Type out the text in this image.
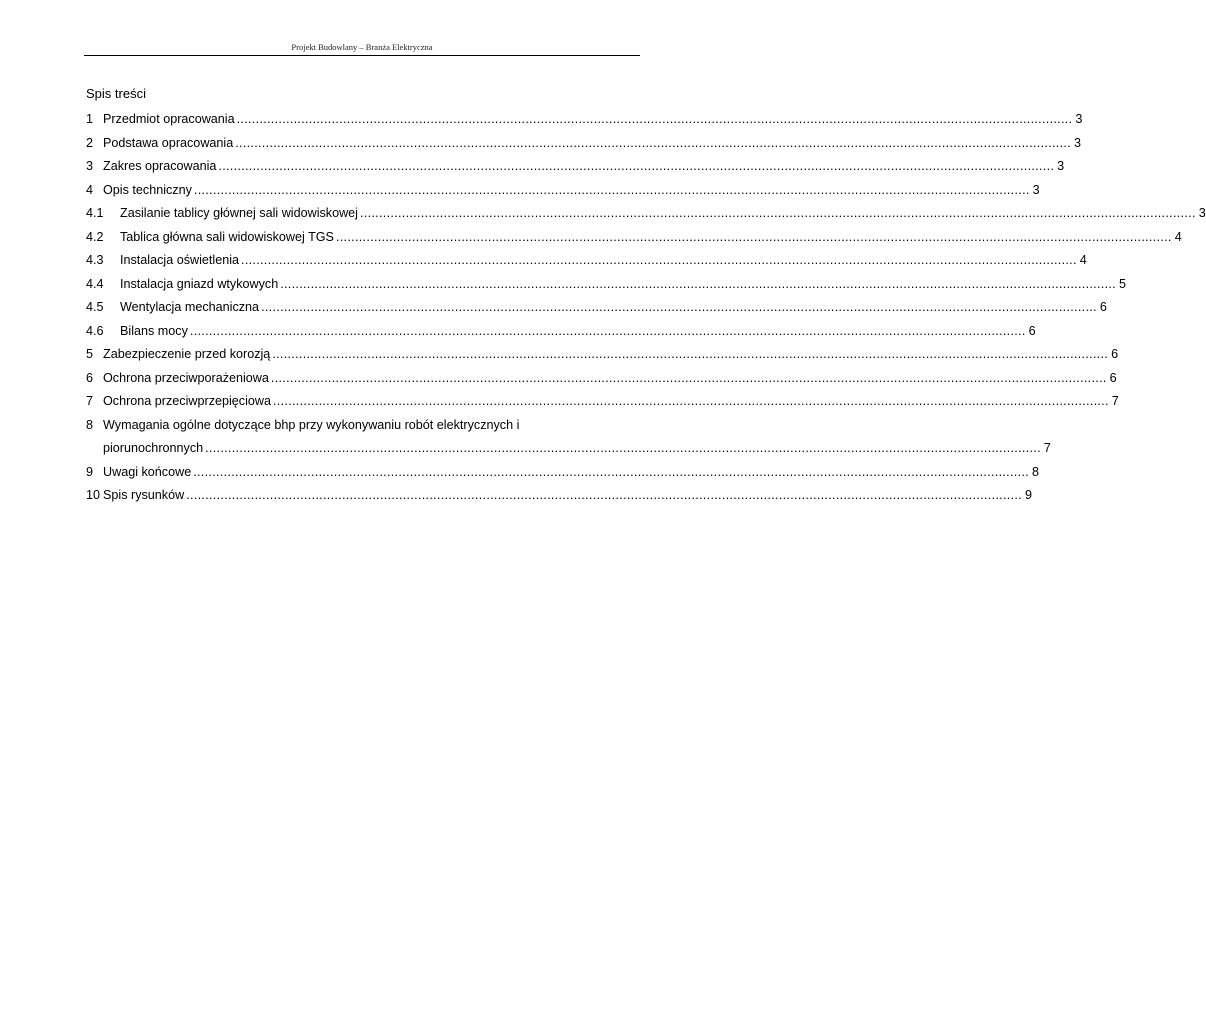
Projekt Budowlany – Branża Elektryczna
Spis treści
1 Przedmiot opracowania ............................................................................................................................................................................................................................ 3
2 Podstawa opracowania ............................................................................................................................................................................................................................ 3
3 Zakres opracowania ............................................................................................................................................................................................................................ 3
4 Opis techniczny ............................................................................................................................................................................................................................ 3
4.1	Zasilanie tablicy głównej sali widowiskowej ............................................................................................................................................................................................................................ 3
4.2	Tablica główna sali widowiskowej TGS ............................................................................................................................................................................................................................ 4
4.3	Instalacja oświetlenia ............................................................................................................................................................................................................................ 4
4.4	Instalacja gniazd wtykowych ............................................................................................................................................................................................................................ 5
4.5	Wentylacja mechaniczna ............................................................................................................................................................................................................................ 6
4.6	Bilans mocy ............................................................................................................................................................................................................................ 6
5 Zabezpieczenie przed korozją ............................................................................................................................................................................................................................ 6
6 Ochrona przeciwporażeniowa ............................................................................................................................................................................................................................ 6
7 Ochrona przeciwprzepięciowa ............................................................................................................................................................................................................................ 7
8 Wymagania ogólne dotyczące bhp przy wykonywaniu robót elektrycznych i
piorunochronnych ............................................................................................................................................................................................................................ 7
9 Uwagi końcowe ............................................................................................................................................................................................................................ 8
10 Spis rysunków ............................................................................................................................................................................................................................ 9
